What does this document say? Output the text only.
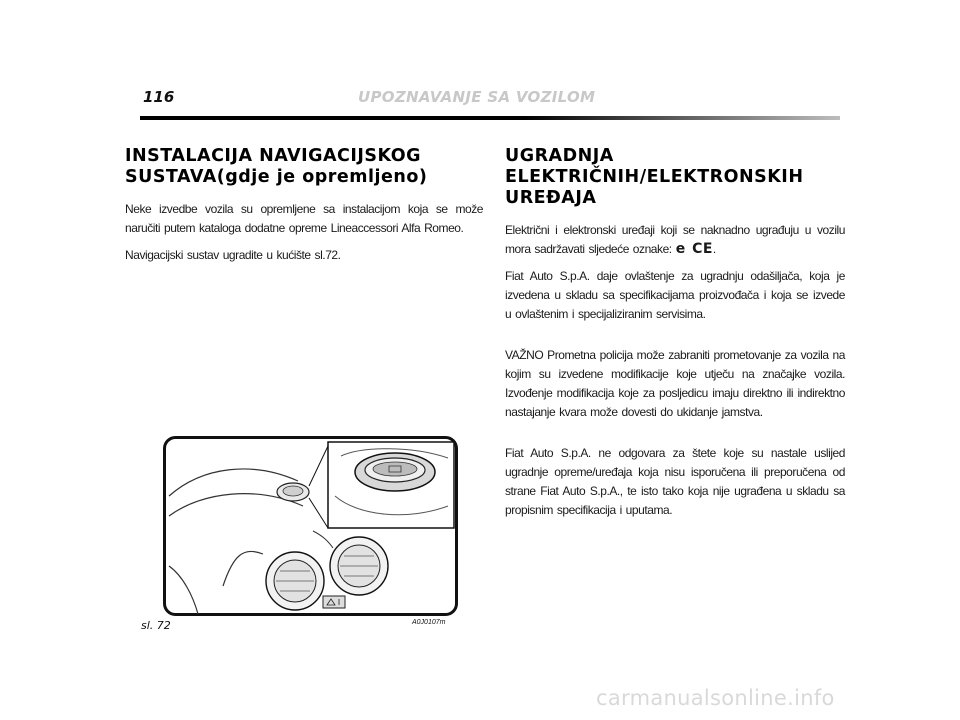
116	UPOZNAVANJE SA VOZILOM
INSTALACIJA NAVIGACIJSKOG
SUSTAVA(gdje je opremljeno)

Neke izvedbe vozila su opremljene sa instalacijom koja se može naručiti putem kataloga dodatne opreme Lineaccessori Alfa Romeo.

Navigacijski sustav ugradite u kućište sl.72.

UGRADNJA
ELEKTRIČNIH/ELEKTRONSKIH
UREĐAJA

Električni i elektronski uređaji koji se naknadno ugrađuju u vozilu mora sadržavati sljedeće oznake: e CE.

Fiat Auto S.p.A. daje ovlaštenje za ugradnju odašiljača, koja je izvedena u skladu sa specifikacijama proizvođača i koja se izvede u ovlaštenim i specijaliziranim servisima.

VAŽNO Prometna policija može zabraniti prometovanje za vozila na kojim su izvedene modifikacije koje utječu na značajke vozila. Izvođenje modifikacija koje za posljedicu imaju direktno ili indirektno nastajanje kvara može dovesti do ukidanje jamstva.

Fiat Auto S.p.A. ne odgovara za štete koje su nastale uslijed ugradnje opreme/uređaja koja nisu isporučena ili preporučena od strane Fiat Auto S.p.A., te isto tako koja nije ugrađena u skladu sa propisnim specifikacija i uputama.

sl. 72	A0J0107m
carmanualsonline.info
